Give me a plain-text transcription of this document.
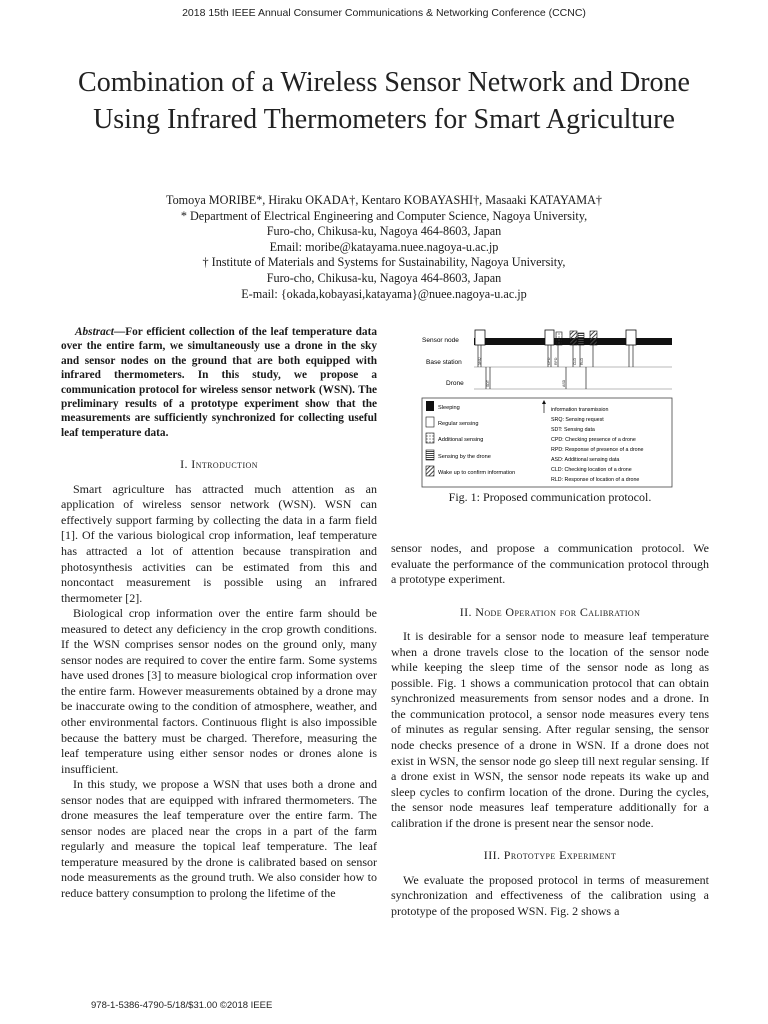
2018 15th IEEE Annual Consumer Communications & Networking Conference (CCNC)
Combination of a Wireless Sensor Network and Drone Using Infrared Thermometers for Smart Agriculture
Tomoya MORIBE*, Hiraku OKADA†, Kentaro KOBAYASHI†, Masaaki KATAYAMA†
* Department of Electrical Engineering and Computer Science, Nagoya University,
Furo-cho, Chikusa-ku, Nagoya 464-8603, Japan
Email: moribe@katayama.nuee.nagoya-u.ac.jp
† Institute of Materials and Systems for Sustainability, Nagoya University,
Furo-cho, Chikusa-ku, Nagoya 464-8603, Japan
E-mail: {okada,kobayasi,katayama}@nuee.nagoya-u.ac.jp

Abstract—For efficient collection of the leaf temperature data over the entire farm, we simultaneously use a drone in the sky and sensor nodes on the ground that are both equipped with infrared thermometers. In this study, we propose a communication protocol for wireless sensor network (WSN). The preliminary results of a prototype experiment show that the measurements are sufficiently synchronized for collecting useful leaf temperature data.

I. Introduction

Smart agriculture has attracted much attention as an application of wireless sensor network (WSN). WSN can effectively support farming by collecting the data in a farm field [1]. Of the various biological crop information, leaf temperature has attracted a lot of attention because transpiration and photosynthesis activities can be estimated from this and noncontact measurement is possible using an infrared thermometer [2].

Biological crop information over the entire farm should be measured to detect any deficiency in the crop growth conditions. If the WSN comprises sensor nodes on the ground only, many sensor nodes are required to cover the entire farm. Some systems have used drones [3] to measure biological crop information over the entire farm. However measurements obtained by a drone may be inaccurate owing to the condition of atmosphere, weather, and other environmental factors. Continuous flight is also impossible because the battery must be charged. Therefore, measuring the leaf temperature using either sensor nodes or drones alone is insufficient.

In this study, we propose a WSN that uses both a drone and sensor nodes that are equipped with infrared thermometers. The drone measures the leaf temperature over the entire farm. The sensor nodes are placed near the crops in a part of the farm regularly and measure the topical leaf temperature. The leaf temperature measured by the drone is calibrated based on sensor node measurements as the ground truth. We also consider how to reduce battery consumption to prolong the lifetime of the

Sensor node
Base station
Drone
SRQ
SDT
CPD RPD
ASD
CLD RLD
Sleeping
Regular sensing
Additional sensing
Sensing by the drone
Wake up to confirm information
information transmission
SRQ: Sensing request
SDT: Sensing data
CPD: Checking presence of a drone
RPD: Response of presence of a drone
ASD: Additional sensing data
CLD: Checking location of a drone
RLD: Response of location of a drone
Fig. 1: Proposed communication protocol.

sensor nodes, and propose a communication protocol. We evaluate the performance of the communication protocol through a prototype experiment.

II. Node Operation for Calibration

It is desirable for a sensor node to measure leaf temperature when a drone travels close to the location of the sensor node while keeping the sleep time of the sensor node as long as possible. Fig. 1 shows a communication protocol that can obtain synchronized measurements from sensor nodes and a drone. In the communication protocol, a sensor node measures every tens of minutes as regular sensing. After regular sensing, the sensor node checks presence of a drone in WSN. If a drone does not exist in WSN, the sensor node go sleep till next regular sensing. If a drone exist in WSN, the sensor node repeats its wake up and sleep cycles to confirm location of the drone. During the cycles, the sensor node measures leaf temperature additionally for a calibration if the drone is present near the sensor node.

III. Prototype Experiment

We evaluate the proposed protocol in terms of measurement synchronization and effectiveness of the calibration using a prototype of the proposed WSN. Fig. 2 shows a

978-1-5386-4790-5/18/$31.00 ©2018 IEEE
